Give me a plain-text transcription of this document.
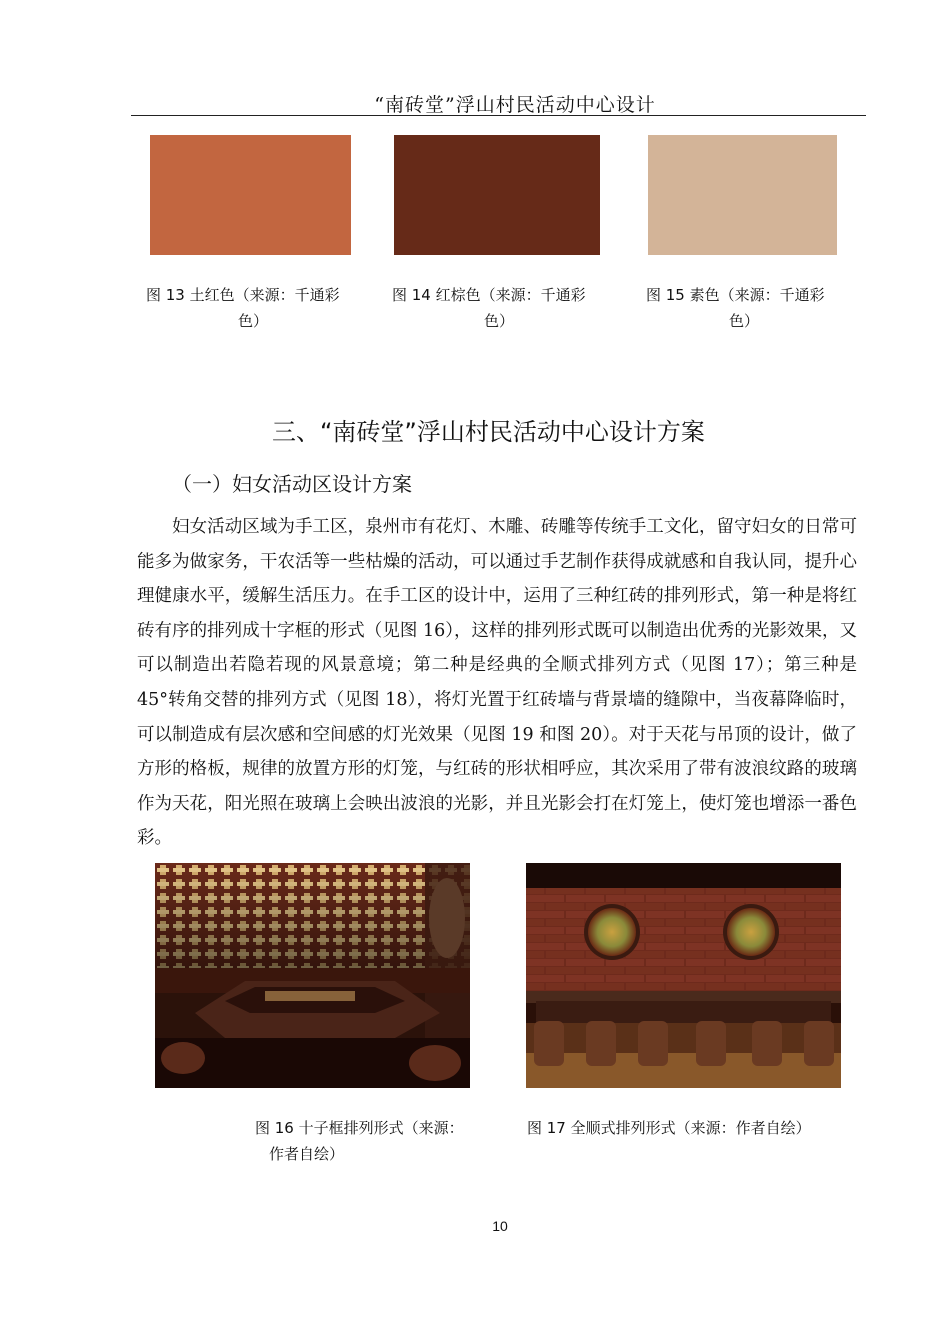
“南砖堂”浮山村民活动中心设计
图 13 土红色（来源：千通彩
色）
图 14 红棕色（来源：千通彩
色）
图 15 素色（来源：千通彩
色）
三、“南砖堂”浮山村民活动中心设计方案
（一）妇女活动区设计方案
妇女活动区域为手工区，泉州市有花灯、木雕、砖雕等传统手工文化，留守妇女的日常可能多为做家务，干农活等一些枯燥的活动，可以通过手艺制作获得成就感和自我认同，提升心理健康水平，缓解生活压力。在手工区的设计中，运用了三种红砖的排列形式，第一种是将红砖有序的排列成十字框的形式（见图 16），这样的排列形式既可以制造出优秀的光影效果，又可以制造出若隐若现的风景意境；第二种是经典的全顺式排列方式（见图 17）；第三种是 45°转角交替的排列方式（见图 18），将灯光置于红砖墙与背景墙的缝隙中，当夜幕降临时，可以制造成有层次感和空间感的灯光效果（见图 19 和图 20）。对于天花与吊顶的设计，做了方形的格板，规律的放置方形的灯笼，与红砖的形状相呼应，其次采用了带有波浪纹路的玻璃作为天花，阳光照在玻璃上会映出波浪的光影，并且光影会打在灯笼上，使灯笼也增添一番色彩。
图 16 十子框排列形式（来源：
作者自绘）
图 17 全顺式排列形式（来源：作者自绘）
10
